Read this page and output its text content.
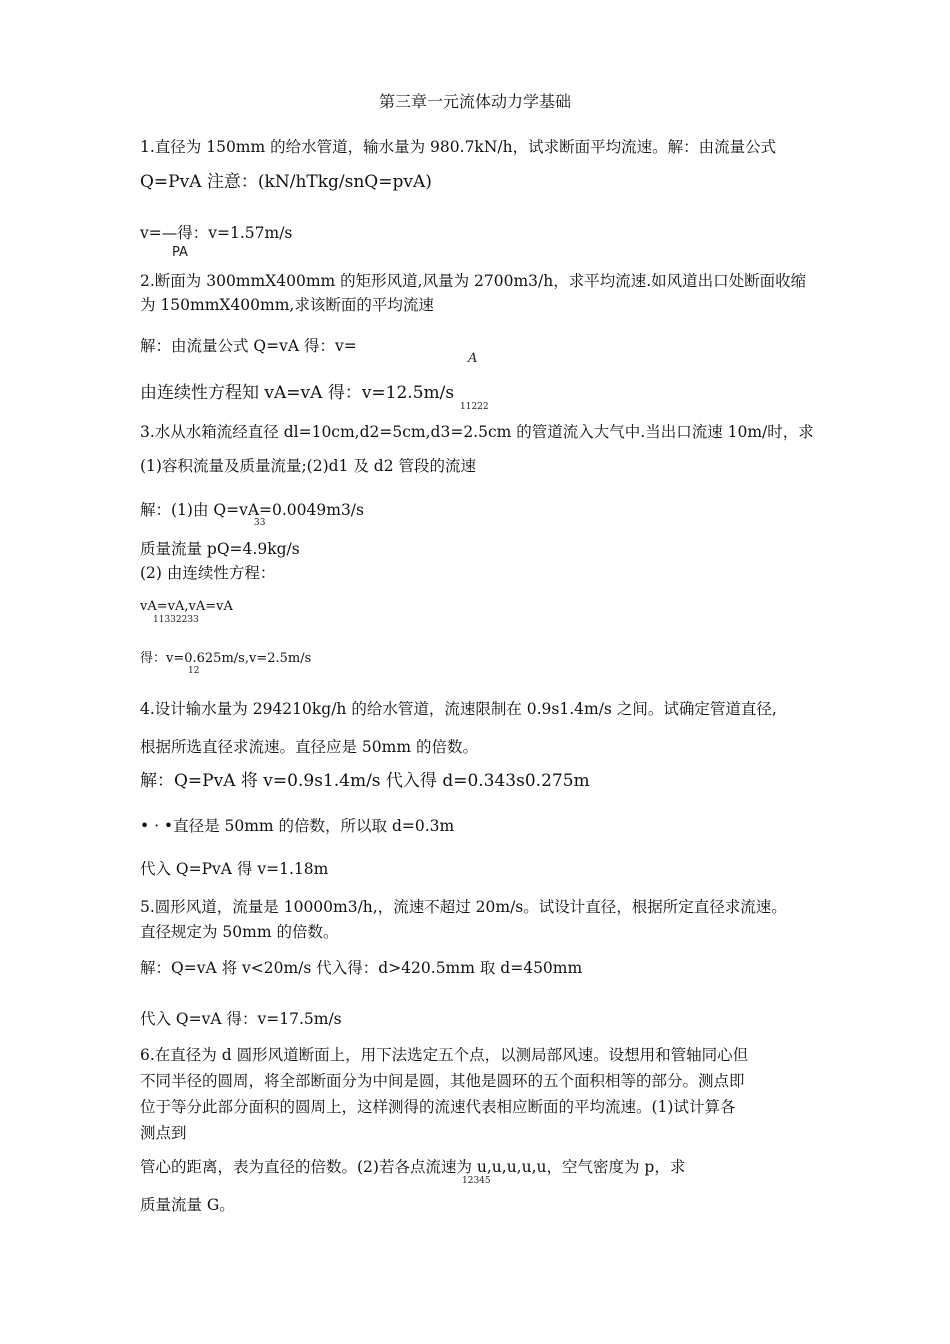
第三章一元流体动力学基础
1.直径为 150mm 的给水管道，输水量为 980.7kN/h，试求断面平均流速。解：由流量公式
Q=PvA 注意：(kN/hTkg/snQ=pvA)
v=—得：v=1.57m/s
PA
2.断面为 300mmX400mm 的矩形风道,风量为 2700m3/h，求平均流速.如风道出口处断面收缩
为 150mmX400mm,求该断面的平均流速
解：由流量公式 Q=vA 得：v=
A
由连续性方程知 vA=vA 得：v=12.5m/s
11222
3.水从水箱流经直径 dl=10cm,d2=5cm,d3=2.5cm 的管道流入大气中.当出口流速 10m/时，求
(1)容积流量及质量流量;(2)d1 及 d2 管段的流速
解：(1)由 Q=vA=0.0049m3/s
33
质量流量 pQ=4.9kg/s
(2) 由连续性方程：
vA=vA,vA=vA
11332233
得：v=0.625m/s,v=2.5m/s
12
4.设计输水量为 294210kg/h 的给水管道，流速限制在 0.9s1.4m/s 之间。试确定管道直径,
根据所选直径求流速。直径应是 50mm 的倍数。
解：Q=PvA 将 v=0.9s1.4m/s 代入得 d=0.343s0.275m
• · •直径是 50mm 的倍数，所以取 d=0.3m
代入 Q=PvA 得 v=1.18m
5.圆形风道，流量是 10000m3/h,，流速不超过 20m/s。试设计直径，根据所定直径求流速。
直径规定为 50mm 的倍数。
解：Q=vA 将 v<20m/s 代入得：d>420.5mm 取 d=450mm
代入 Q=vA 得：v=17.5m/s
6.在直径为 d 圆形风道断面上，用下法选定五个点，以测局部风速。设想用和管轴同心但
不同半径的圆周，将全部断面分为中间是圆，其他是圆环的五个面积相等的部分。测点即
位于等分此部分面积的圆周上，这样测得的流速代表相应断面的平均流速。(1)试计算各
测点到
管心的距离，表为直径的倍数。(2)若各点流速为 u,u,u,u,u，空气密度为 p，求
12345
质量流量 G。
